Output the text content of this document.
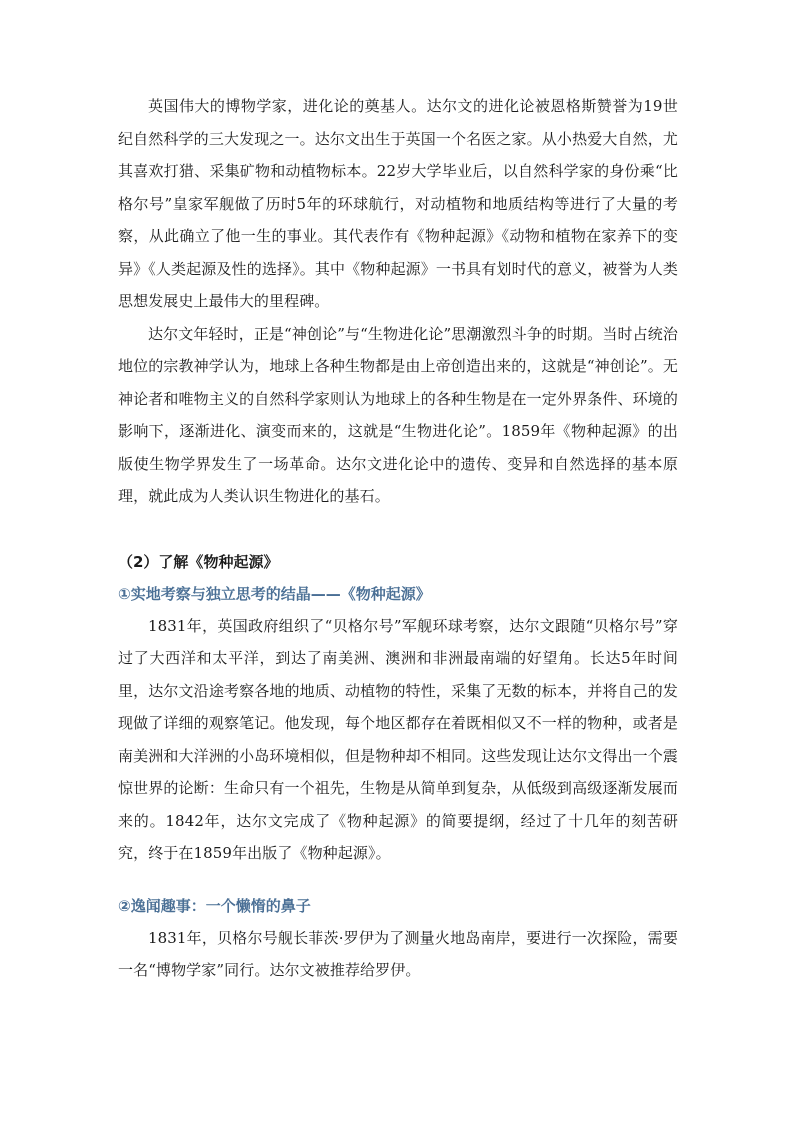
英国伟大的博物学家，进化论的奠基人。达尔文的进化论被恩格斯赞誉为19世纪自然科学的三大发现之一。达尔文出生于英国一个名医之家。从小热爱大自然，尤其喜欢打猎、采集矿物和动植物标本。22岁大学毕业后，以自然科学家的身份乘“比格尔号”皇家军舰做了历时5年的环球航行，对动植物和地质结构等进行了大量的考察，从此确立了他一生的事业。其代表作有《物种起源》《动物和植物在家养下的变异》《人类起源及性的选择》。其中《物种起源》一书具有划时代的意义，被誉为人类思想发展史上最伟大的里程碑。

达尔文年轻时，正是“神创论”与“生物进化论”思潮激烈斗争的时期。当时占统治地位的宗教神学认为，地球上各种生物都是由上帝创造出来的，这就是“神创论”。无神论者和唯物主义的自然科学家则认为地球上的各种生物是在一定外界条件、环境的影响下，逐渐进化、演变而来的，这就是“生物进化论”。1859年《物种起源》的出版使生物学界发生了一场革命。达尔文进化论中的遗传、变异和自然选择的基本原理，就此成为人类认识生物进化的基石。

（2）了解《物种起源》
①实地考察与独立思考的结晶——《物种起源》

1831年，英国政府组织了“贝格尔号”军舰环球考察，达尔文跟随“贝格尔号”穿过了大西洋和太平洋，到达了南美洲、澳洲和非洲最南端的好望角。长达5年时间里，达尔文沿途考察各地的地质、动植物的特性，采集了无数的标本，并将自己的发现做了详细的观察笔记。他发现，每个地区都存在着既相似又不一样的物种，或者是南美洲和大洋洲的小岛环境相似，但是物种却不相同。这些发现让达尔文得出一个震惊世界的论断：生命只有一个祖先，生物是从简单到复杂，从低级到高级逐渐发展而来的。1842年，达尔文完成了《物种起源》的简要提纲，经过了十几年的刻苦研究，终于在1859年出版了《物种起源》。

②逸闻趣事：一个懒惰的鼻子

1831年，贝格尔号舰长菲茨·罗伊为了测量火地岛南岸，要进行一次探险，需要一名“博物学家”同行。达尔文被推荐给罗伊。
